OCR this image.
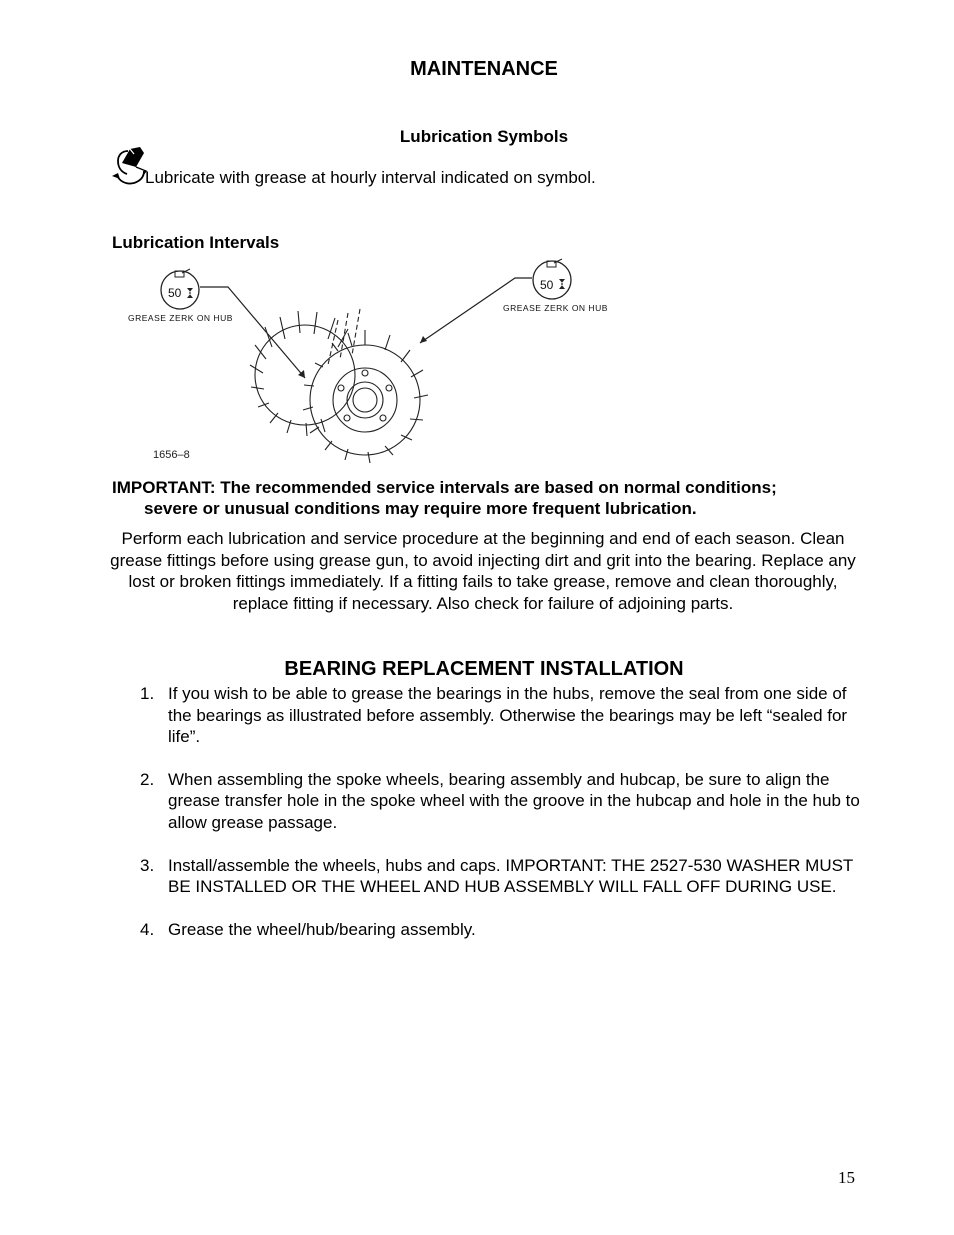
MAINTENANCE
Lubrication Symbols
Lubricate with grease at hourly interval indicated on symbol.
Lubrication Intervals
50
GREASE ZERK ON HUB
50
GREASE ZERK ON HUB
1656–8
IMPORTANT: The recommended service intervals are based on normal conditions;
severe or unusual conditions may require more frequent lubrication.
Perform each lubrication and service procedure at the beginning and end of each season. Clean grease fittings before using grease gun, to avoid injecting dirt and grit into the bearing. Replace any lost or broken fittings immediately. If a fitting fails to take grease, remove and clean thoroughly, replace fitting if necessary. Also check for failure of adjoining parts.
BEARING REPLACEMENT INSTALLATION
1. If you wish to be able to grease the bearings in the hubs, remove the seal from one side of the bearings as illustrated before assembly. Otherwise the bearings may be left “sealed for life”.
2. When assembling the spoke wheels, bearing assembly and hubcap, be sure to align the grease transfer hole in the spoke wheel with the groove in the hubcap and hole in the hub to allow grease passage.
3. Install/assemble the wheels, hubs and caps. IMPORTANT: THE 2527-530 WASHER MUST BE INSTALLED OR THE WHEEL AND HUB ASSEMBLY WILL FALL OFF DURING USE.
4. Grease the wheel/hub/bearing assembly.
15
